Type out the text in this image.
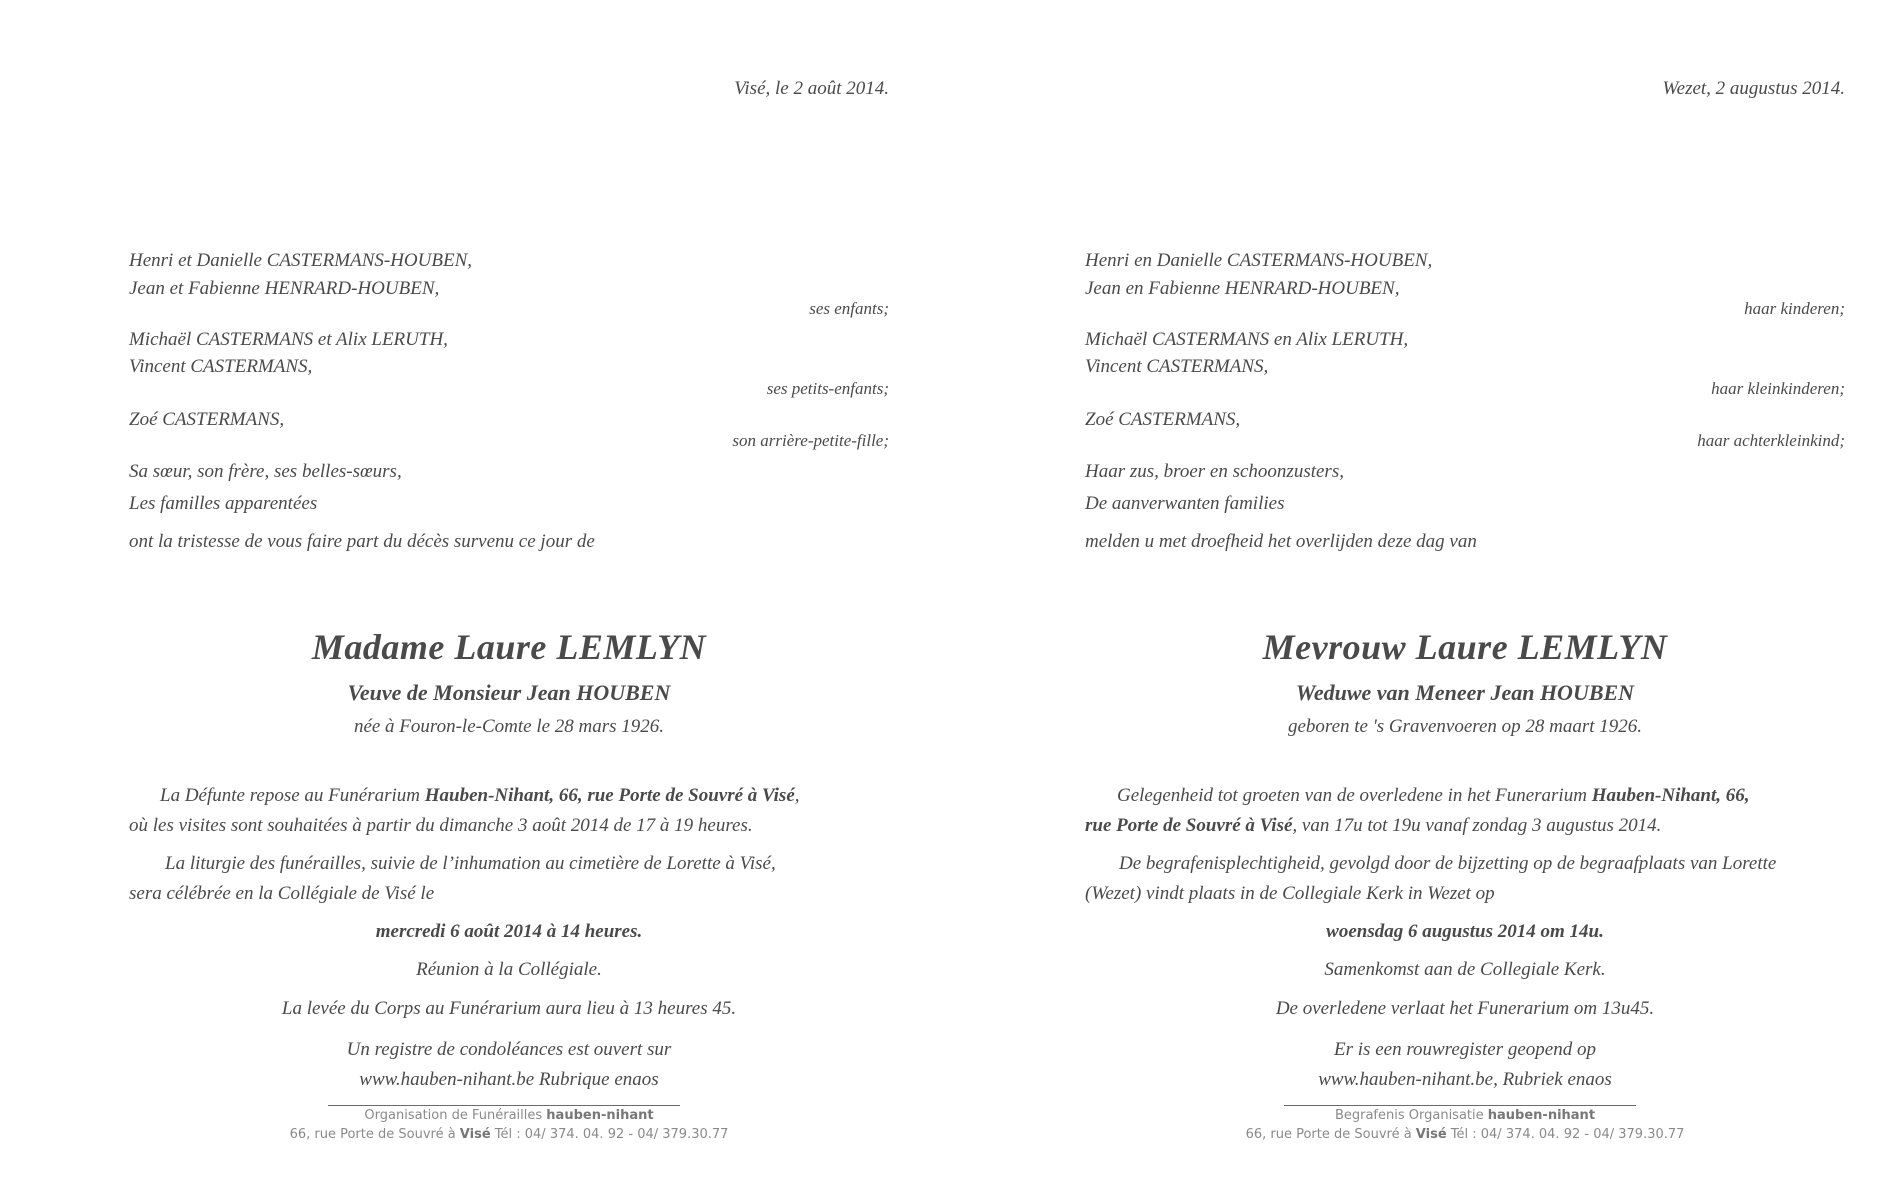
Visé, le 2 août 2014.
Henri et Danielle CASTERMANS-HOUBEN,
Jean et Fabienne HENRARD-HOUBEN,
ses enfants;
Michaël CASTERMANS et Alix LERUTH,
Vincent CASTERMANS,
ses petits-enfants;
Zoé CASTERMANS,
son arrière-petite-fille;
Sa sœur, son frère, ses belles-sœurs,
Les familles apparentées
ont la tristesse de vous faire part du décès survenu ce jour de
Madame Laure LEMLYN
Veuve de Monsieur Jean HOUBEN
née à Fouron-le-Comte le 28 mars 1926.
La Défunte repose au Funérarium Hauben-Nihant, 66, rue Porte de Souvré à Visé,
où les visites sont souhaitées à partir du dimanche 3 août 2014 de 17 à 19 heures.
La liturgie des funérailles, suivie de l’inhumation au cimetière de Lorette à Visé,
sera célébrée en la Collégiale de Visé le
mercredi 6 août 2014 à 14 heures.
Réunion à la Collégiale.
La levée du Corps au Funérarium aura lieu à 13 heures 45.
Un registre de condoléances est ouvert sur
www.hauben-nihant.be Rubrique enaos
Organisation de Funérailles hauben-nihant
66, rue Porte de Souvré à Visé Tél : 04/ 374. 04. 92 - 04/ 379.30.77
Wezet, 2 augustus 2014.
Henri en Danielle CASTERMANS-HOUBEN,
Jean en Fabienne HENRARD-HOUBEN,
haar kinderen;
Michaël CASTERMANS en Alix LERUTH,
Vincent CASTERMANS,
haar kleinkinderen;
Zoé CASTERMANS,
haar achterkleinkind;
Haar zus, broer en schoonzusters,
De aanverwanten families
melden u met droefheid het overlijden deze dag van
Mevrouw Laure LEMLYN
Weduwe van Meneer Jean HOUBEN
geboren te 's Gravenvoeren op 28 maart 1926.
Gelegenheid tot groeten van de overledene in het Funerarium Hauben-Nihant, 66,
rue Porte de Souvré à Visé, van 17u tot 19u vanaf zondag 3 augustus 2014.
De begrafenisplechtigheid, gevolgd door de bijzetting op de begraafplaats van Lorette
(Wezet) vindt plaats in de Collegiale Kerk in Wezet op
woensdag 6 augustus 2014 om 14u.
Samenkomst aan de Collegiale Kerk.
De overledene verlaat het Funerarium om 13u45.
Er is een rouwregister geopend op
www.hauben-nihant.be, Rubriek enaos
Begrafenis Organisatie hauben-nihant
66, rue Porte de Souvré à Visé Tél : 04/ 374. 04. 92 - 04/ 379.30.77
